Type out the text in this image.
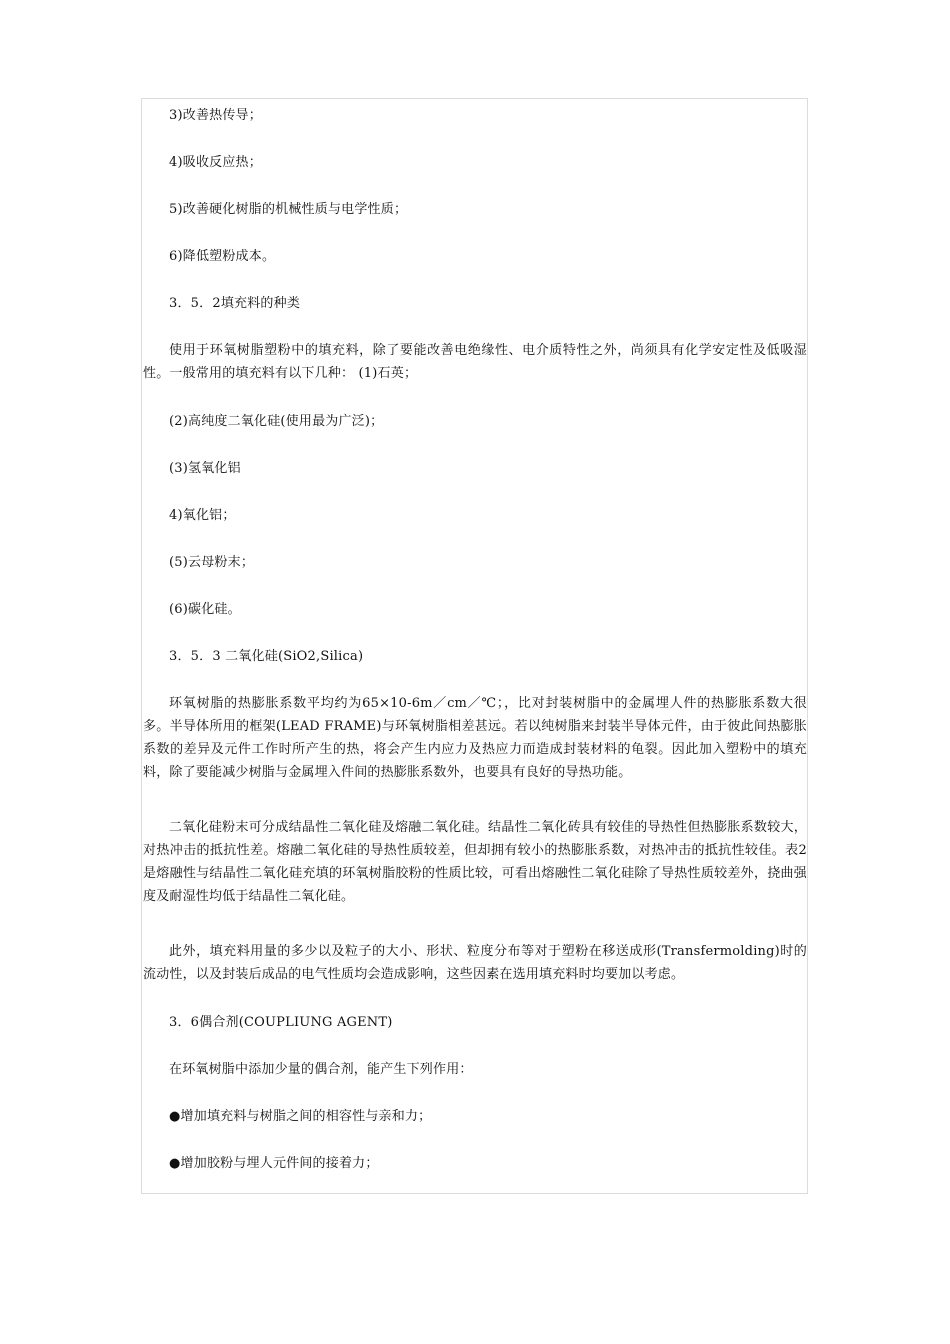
3)改善热传导；

4)吸收反应热；

5)改善硬化树脂的机械性质与电学性质；

6)降低塑粉成本。

3．5．2填充料的种类

使用于环氧树脂塑粉中的填充料，除了要能改善电绝缘性、电介质特性之外，尚须具有化学安定性及低吸湿性。一般常用的填充料有以下几种： (1)石英；

(2)高纯度二氧化硅(使用最为广泛)；

(3)氢氧化铝

4)氧化铝；

(5)云母粉末；

(6)碳化硅。

3．5．3 二氧化硅(SiO2,Silica)

环氧树脂的热膨胀系数平均约为65×10-6m／cm／℃；，比对封装树脂中的金属埋人件的热膨胀系数大很多。半导体所用的框架(LEAD FRAME)与环氧树脂相差甚远。若以纯树脂来封装半导体元件，由于彼此间热膨胀系数的差异及元件工作时所产生的热，将会产生内应力及热应力而造成封装材料的龟裂。因此加入塑粉中的填充料，除了要能减少树脂与金属埋入件间的热膨胀系数外，也要具有良好的导热功能。

二氧化硅粉末可分成结晶性二氧化硅及熔融二氧化硅。结晶性二氧化砖具有较佳的导热性但热膨胀系数较大，对热冲击的抵抗性差。熔融二氧化硅的导热性质较差，但却拥有较小的热膨胀系数，对热冲击的抵抗性较佳。表2是熔融性与结晶性二氧化硅充填的环氧树脂胶粉的性质比较，可看出熔融性二氧化硅除了导热性质较差外，挠曲强度及耐湿性均低于结晶性二氧化硅。

此外，填充料用量的多少以及粒子的大小、形状、粒度分布等对于塑粉在移送成形(Transfermolding)时的流动性，以及封装后成品的电气性质均会造成影响，这些因素在选用填充料时均要加以考虑。

3．6偶合剂(COUPLIUNG AGENT)

在环氧树脂中添加少量的偶合剂，能产生下列作用：

●增加填充料与树脂之间的相容性与亲和力；

●增加胶粉与埋人元件间的接着力；
